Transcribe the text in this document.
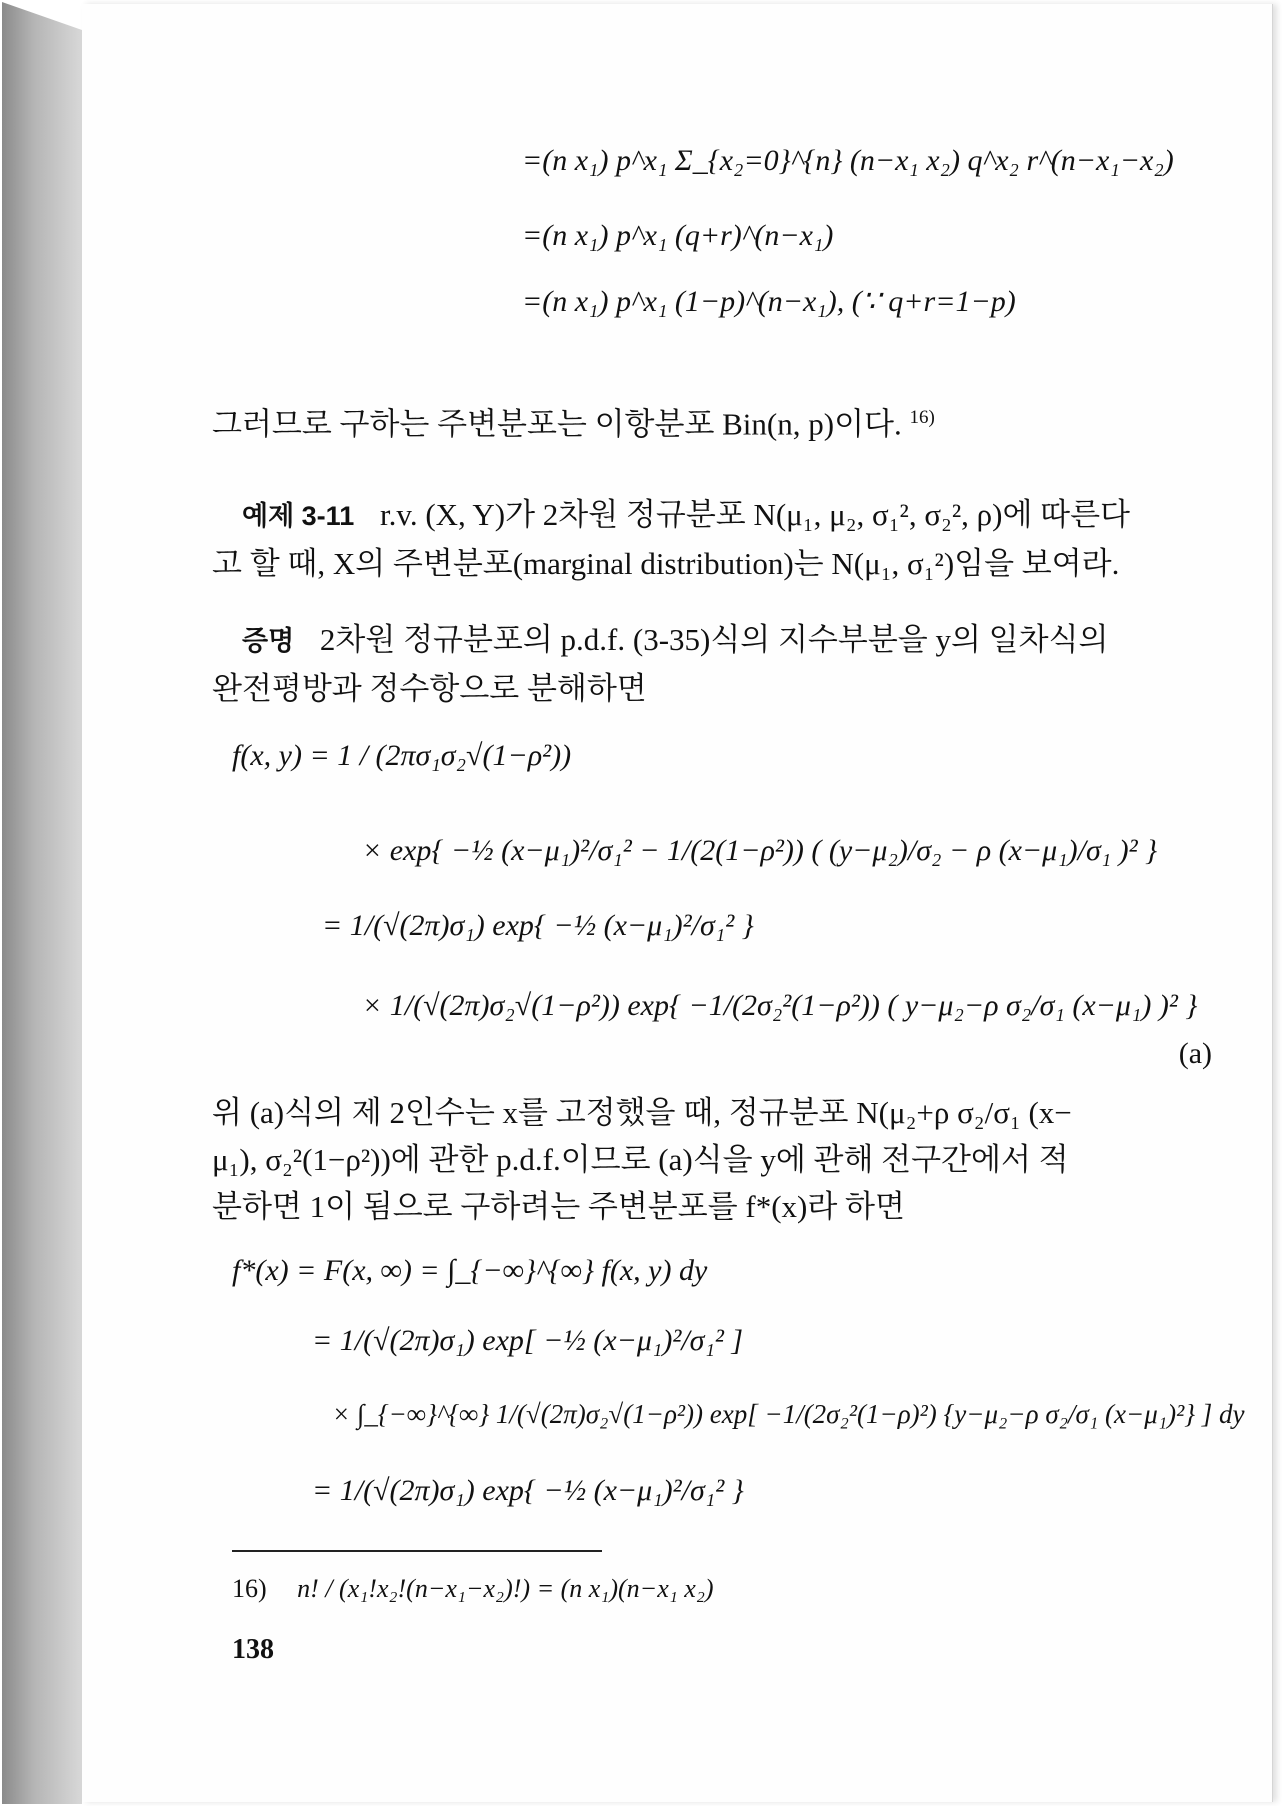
=(n x₁) p^x₁ Σ_{x₂=0}^{n} (n−x₁ x₂) q^x₂ r^(n−x₁−x₂)
=(n x₁) p^x₁ (q+r)^(n−x₁)
=(n x₁) p^x₁ (1−p)^(n−x₁), (∵ q+r=1−p)
그러므로 구하는 주변분포는 이항분포 Bin(n, p)이다. $^{16)}$
예제 3-11 r.v. (X, Y)가 2차원 정규분포 N(μ₁, μ₂, σ₁², σ₂², ρ)에 따른다
고 할 때, X의 주변분포(marginal distribution)는 N(μ₁, σ₁²)임을 보여라.
증명 2차원 정규분포의 p.d.f. (3-35)식의 지수부분을 y의 일차식의
완전평방과 정수항으로 분해하면
f(x, y) = 1 / (2πσ₁σ₂√(1−ρ²))
× exp{ −½ (x−μ₁)²/σ₁² − 1/(2(1−ρ²)) ( (y−μ₂)/σ₂ − ρ (x−μ₁)/σ₁ )² }
= 1/(√(2π)σ₁) exp{ −½ (x−μ₁)²/σ₁² }
× 1/(√(2π)σ₂√(1−ρ²)) exp{ −1/(2σ₂²(1−ρ²)) ( y−μ₂−ρ σ₂/σ₁ (x−μ₁) )² }
(a)
위 (a)식의 제 2인수는 x를 고정했을 때, 정규분포 N(μ₂+ρ σ₂/σ₁ (x−
μ₁), σ₂²(1−ρ²))에 관한 p.d.f.이므로 (a)식을 y에 관해 전구간에서 적
분하면 1이 됨으로 구하려는 주변분포를 f*(x)라 하면
f*(x) = F(x, ∞) = ∫_{−∞}^{∞} f(x, y) dy
= 1/(√(2π)σ₁) exp[ −½ (x−μ₁)²/σ₁² ]
× ∫_{−∞}^{∞} 1/(√(2π)σ₂√(1−ρ²)) exp[ −1/(2σ₂²(1−ρ)²) {y−μ₂−ρ σ₂/σ₁ (x−μ₁)²} ] dy
= 1/(√(2π)σ₁) exp{ −½ (x−μ₁)²/σ₁² }
16) n! / (x₁!x₂!(n−x₁−x₂)!) = (n x₁)(n−x₁ x₂)
138
